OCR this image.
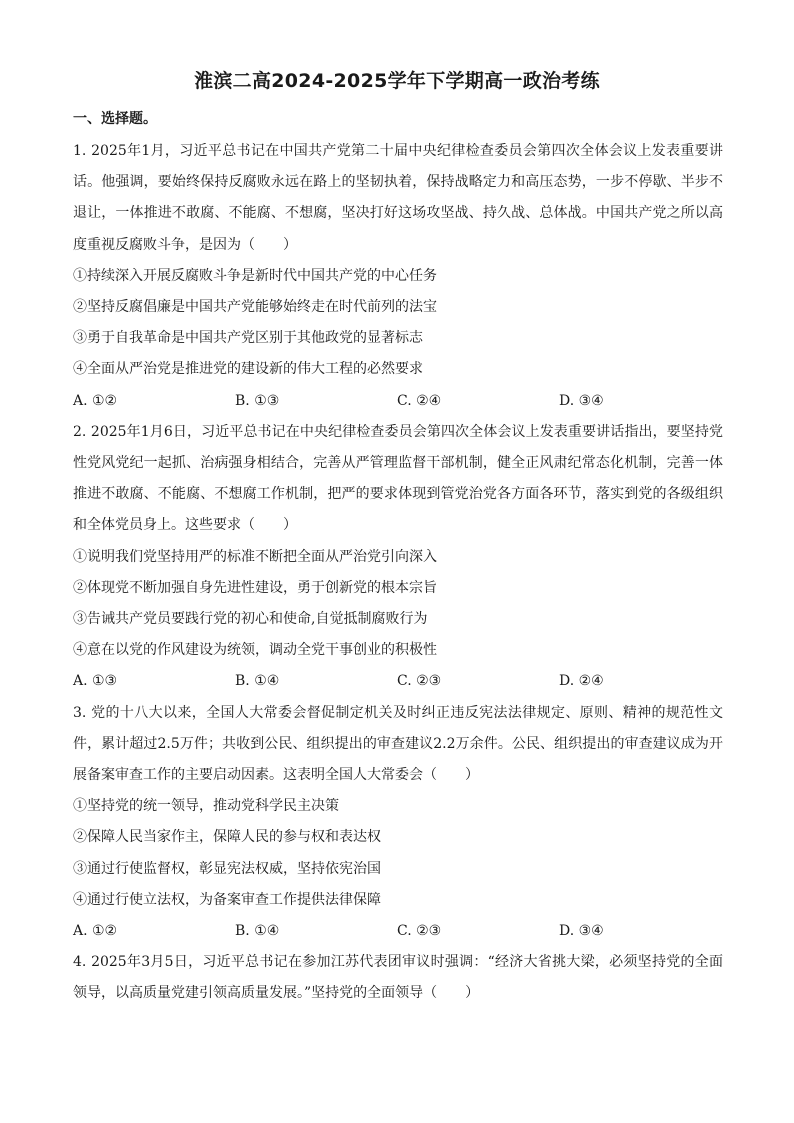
淮滨二高2024-2025学年下学期高一政治考练
一、选择题。

1. 2025年1月，习近平总书记在中国共产党第二十届中央纪律检查委员会第四次全体会议上发表重要讲话。他强调，要始终保持反腐败永远在路上的坚韧执着，保持战略定力和高压态势，一步不停歇、半步不退让，一体推进不敢腐、不能腐、不想腐，坚决打好这场攻坚战、持久战、总体战。中国共产党之所以高度重视反腐败斗争，是因为（　　）

①持续深入开展反腐败斗争是新时代中国共产党的中心任务

②坚持反腐倡廉是中国共产党能够始终走在时代前列的法宝

③勇于自我革命是中国共产党区别于其他政党的显著标志

④全面从严治党是推进党的建设新的伟大工程的必然要求

A. ①②	B. ①③	C. ②④	D. ③④

2. 2025年1月6日，习近平总书记在中央纪律检查委员会第四次全体会议上发表重要讲话指出，要坚持党性党风党纪一起抓、治病强身相结合，完善从严管理监督干部机制，健全正风肃纪常态化机制，完善一体推进不敢腐、不能腐、不想腐工作机制，把严的要求体现到管党治党各方面各环节，落实到党的各级组织和全体党员身上。这些要求（　　）

①说明我们党坚持用严的标准不断把全面从严治党引向深入

②体现党不断加强自身先进性建设，勇于创新党的根本宗旨

③告诫共产党员要践行党的初心和使命,自觉抵制腐败行为

④意在以党的作风建设为统领，调动全党干事创业的积极性

A. ①③	B. ①④	C. ②③	D. ②④

3. 党的十八大以来，全国人大常委会督促制定机关及时纠正违反宪法法律规定、原则、精神的规范性文件，累计超过2.5万件；共收到公民、组织提出的审查建议2.2万余件。公民、组织提出的审查建议成为开展备案审查工作的主要启动因素。这表明全国人大常委会（　　）

①坚持党的统一领导，推动党科学民主决策

②保障人民当家作主，保障人民的参与权和表达权

③通过行使监督权，彰显宪法权威，坚持依宪治国

④通过行使立法权，为备案审查工作提供法律保障

A. ①②	B. ①④	C. ②③	D. ③④

4. 2025年3月5日，习近平总书记在参加江苏代表团审议时强调：“经济大省挑大梁，必须坚持党的全面领导，以高质量党建引领高质量发展。”坚持党的全面领导（　　）
